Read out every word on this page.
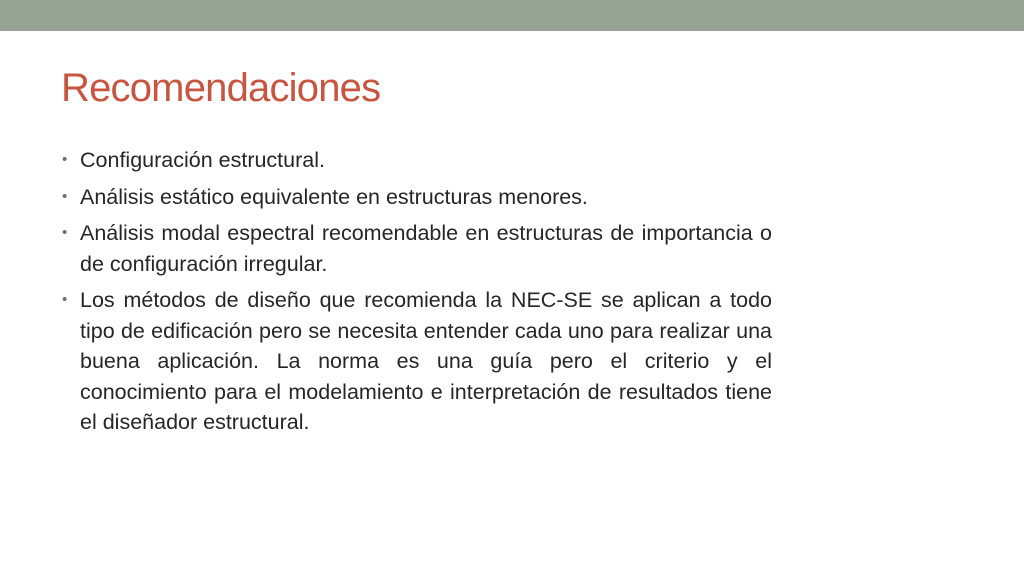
Recomendaciones
• Configuración estructural.
• Análisis estático equivalente en estructuras menores.
• Análisis modal espectral recomendable en estructuras de importancia o de configuración irregular.
• Los métodos de diseño que recomienda la NEC-SE se aplican a todo tipo de edificación pero se necesita entender cada uno para realizar una buena aplicación. La norma es una guía pero el criterio y el conocimiento para el modelamiento e interpretación de resultados tiene el diseñador estructural.
